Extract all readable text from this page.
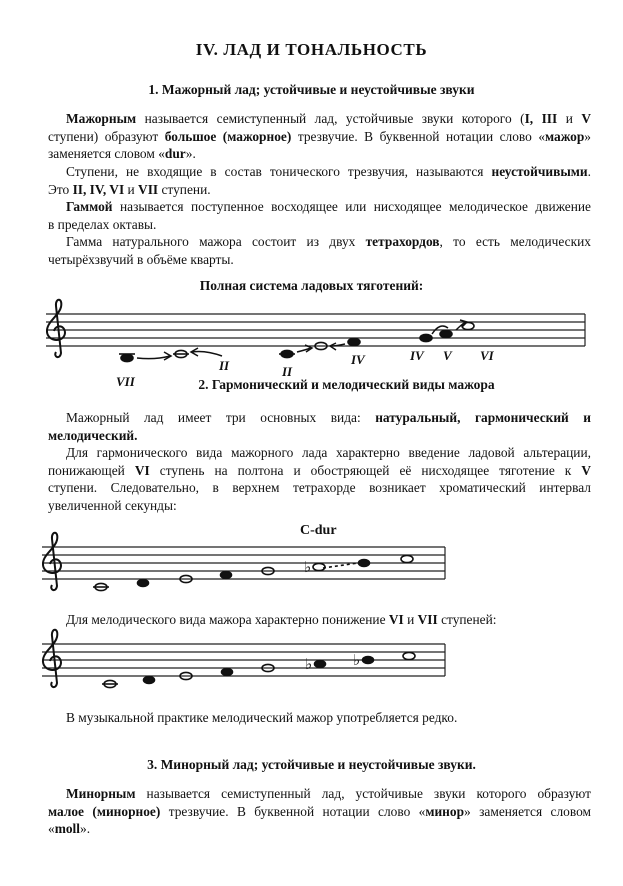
IV. ЛАД И ТОНАЛЬНОСТЬ
1. Мажорный лад; устойчивые и неустойчивые звуки
Мажорным называется семиступенный лад, устойчивые звуки которого (I, III и V
ступени) образуют большое (мажорное) трезвучие. В буквенной нотации слово «мажор»
заменяется словом «dur».
Ступени, не входящие в состав тонического трезвучия, называются неустойчивыми.
Это II, IV, VI и VII ступени.
Гаммой называется поступенное восходящее или нисходящее мелодическое движение
в пределах октавы.
Гамма натурального мажора состоит из двух тетрахордов, то есть мелодических
четырёхзвучий в объёме кварты.
Полная система ладовых тяготений:
VII
II	II
IV	IV V VI
2. Гармонический и мелодический виды мажора
Мажорный лад имеет три основных вида: натуральный, гармонический и
мелодический.
Для гармонического вида мажорного лада характерно введение ладовой альтерации,
понижающей VI ступень на полтона и обостряющей её нисходящее тяготение к V
ступени. Следовательно, в верхнем тетрахорде возникает хроматический интервал
увеличенной секунды:
C-dur
♭
Для мелодического вида мажора характерно понижение VI и VII ступеней:
♭	♭
В музыкальной практике мелодический мажор употребляется редко.
3. Минорный лад; устойчивые и неустойчивые звуки.
Минорным называется семиступенный лад, устойчивые звуки которого образуют
малое (минорное) трезвучие. В буквенной нотации слово «минор» заменяется словом
«moll».
